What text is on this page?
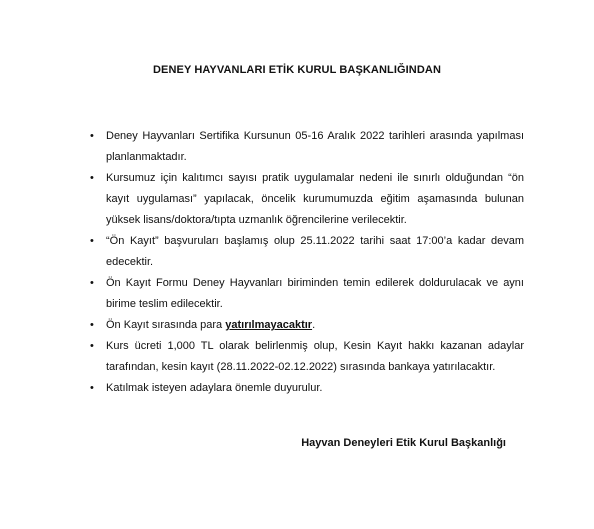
DENEY HAYVANLARI ETİK KURUL BAŞKANLIĞINDAN
• Deney Hayvanları Sertifika Kursunun 05-16 Aralık 2022 tarihleri arasında yapılması planlanmaktadır.
• Kursumuz için kalıtımcı sayısı pratik uygulamalar nedeni ile sınırlı olduğundan “ön kayıt uygulaması” yapılacak, öncelik kurumumuzda eğitim aşamasında bulunan yüksek lisans/doktora/tıpta uzmanlık öğrencilerine verilecektir.
• “Ön Kayıt” başvuruları başlamış olup 25.11.2022 tarihi saat 17:00’a kadar devam edecektir.
• Ön Kayıt Formu Deney Hayvanları biriminden temin edilerek doldurulacak ve aynı birime teslim edilecektir.
• Ön Kayıt sırasında para yatırılmayacaktır.
• Kurs ücreti 1,000 TL olarak belirlenmiş olup, Kesin Kayıt hakkı kazanan adaylar tarafından, kesin kayıt (28.11.2022-02.12.2022) sırasında bankaya yatırılacaktır.
• Katılmak isteyen adaylara önemle duyurulur.
Hayvan Deneyleri Etik Kurul Başkanlığı
